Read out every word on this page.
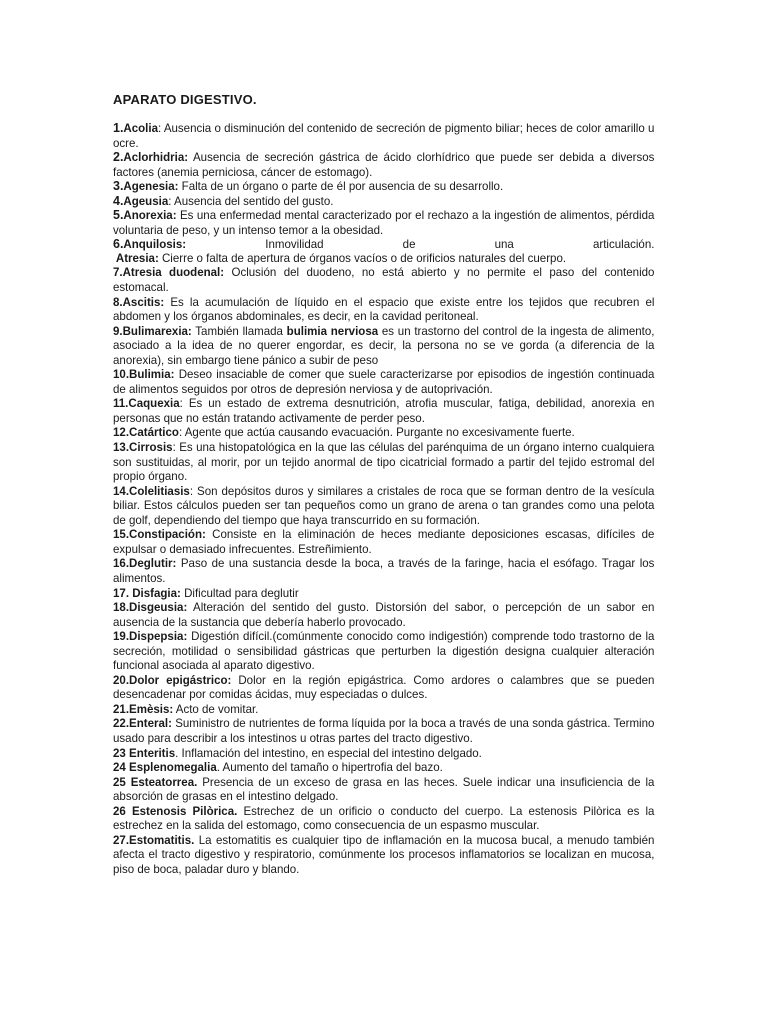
APARATO DIGESTIVO.
1.Acolia: Ausencia o disminución del contenido de secreción de pigmento biliar; heces de color amarillo u ocre.
2.Aclorhidria: Ausencia de secreción gástrica de ácido clorhídrico que puede ser debida a diversos factores (anemia perniciosa, cáncer de estomago).
3.Agenesia: Falta de un órgano o parte de él por ausencia de su desarrollo.
4.Ageusia: Ausencia del sentido del gusto.
5.Anorexia: Es una enfermedad mental caracterizado por el rechazo a la ingestión de alimentos, pérdida voluntaria de peso, y un intenso temor a la obesidad.
6.Anquilosis: Inmovilidad de una articulación.
Atresia: Cierre o falta de apertura de órganos vacíos o de orificios naturales del cuerpo.
7.Atresia duodenal: Oclusión del duodeno, no está abierto y no permite el paso del contenido estomacal.
8.Ascitis: Es la acumulación de líquido en el espacio que existe entre los tejidos que recubren el abdomen y los órganos abdominales, es decir, en la cavidad peritoneal.
9.Bulimarexia: También llamada bulimia nerviosa es un trastorno del control de la ingesta de alimento, asociado a la idea de no querer engordar, es decir, la persona no se ve gorda (a diferencia de la anorexia), sin embargo tiene pánico a subir de peso
10.Bulimia: Deseo insaciable de comer que suele caracterizarse por episodios de ingestión continuada de alimentos seguidos por otros de depresión nerviosa y de autoprivación.
11.Caquexia: Es un estado de extrema desnutrición, atrofia muscular, fatiga, debilidad, anorexia en personas que no están tratando activamente de perder peso.
12.Catártico: Agente que actúa causando evacuación. Purgante no excesivamente fuerte.
13.Cirrosis: Es una histopatológica en la que las células del parénquima de un órgano interno cualquiera son sustituidas, al morir, por un tejido anormal de tipo cicatricial formado a partir del tejido estromal del propio órgano.
14.Colelitiasis: Son depósitos duros y similares a cristales de roca que se forman dentro de la vesícula biliar. Estos cálculos pueden ser tan pequeños como un grano de arena o tan grandes como una pelota de golf, dependiendo del tiempo que haya transcurrido en su formación.
15.Constipación: Consiste en la eliminación de heces mediante deposiciones escasas, difíciles de expulsar o demasiado infrecuentes. Estreñimiento.
16.Deglutir: Paso de una sustancia desde la boca, a través de la faringe, hacia el esófago. Tragar los alimentos.
17. Disfagia: Dificultad para deglutir
18.Disgeusia: Alteración del sentido del gusto. Distorsión del sabor, o percepción de un sabor en ausencia de la sustancia que debería haberlo provocado.
19.Dispepsia: Digestión difícil.(comúnmente conocido como indigestión) comprende todo trastorno de la secreción, motilidad o sensibilidad gástricas que perturben la digestión designa cualquier alteración funcional asociada al aparato digestivo.
20.Dolor epigástrico: Dolor en la región epigástrica. Como ardores o calambres que se pueden desencadenar por comidas ácidas, muy especiadas o dulces.
21.Emèsis: Acto de vomitar.
22.Enteral: Suministro de nutrientes de forma líquida por la boca a través de una sonda gástrica. Termino usado para describir a los intestinos u otras partes del tracto digestivo.
23 Enteritis. Inflamación del intestino, en especial del intestino delgado.
24 Esplenomegalia. Aumento del tamaño o hipertrofia del bazo.
25 Esteatorrea. Presencia de un exceso de grasa en las heces. Suele indicar una insuficiencia de la absorción de grasas en el intestino delgado.
26 Estenosis Pilòrica. Estrechez de un orificio o conducto del cuerpo. La estenosis Pilòrica es la estrechez en la salida del estomago, como consecuencia de un espasmo muscular.
27.Estomatitis. La estomatitis es cualquier tipo de inflamación en la mucosa bucal, a menudo también afecta el tracto digestivo y respiratorio, comúnmente los procesos inflamatorios se localizan en mucosa, piso de boca, paladar duro y blando.
